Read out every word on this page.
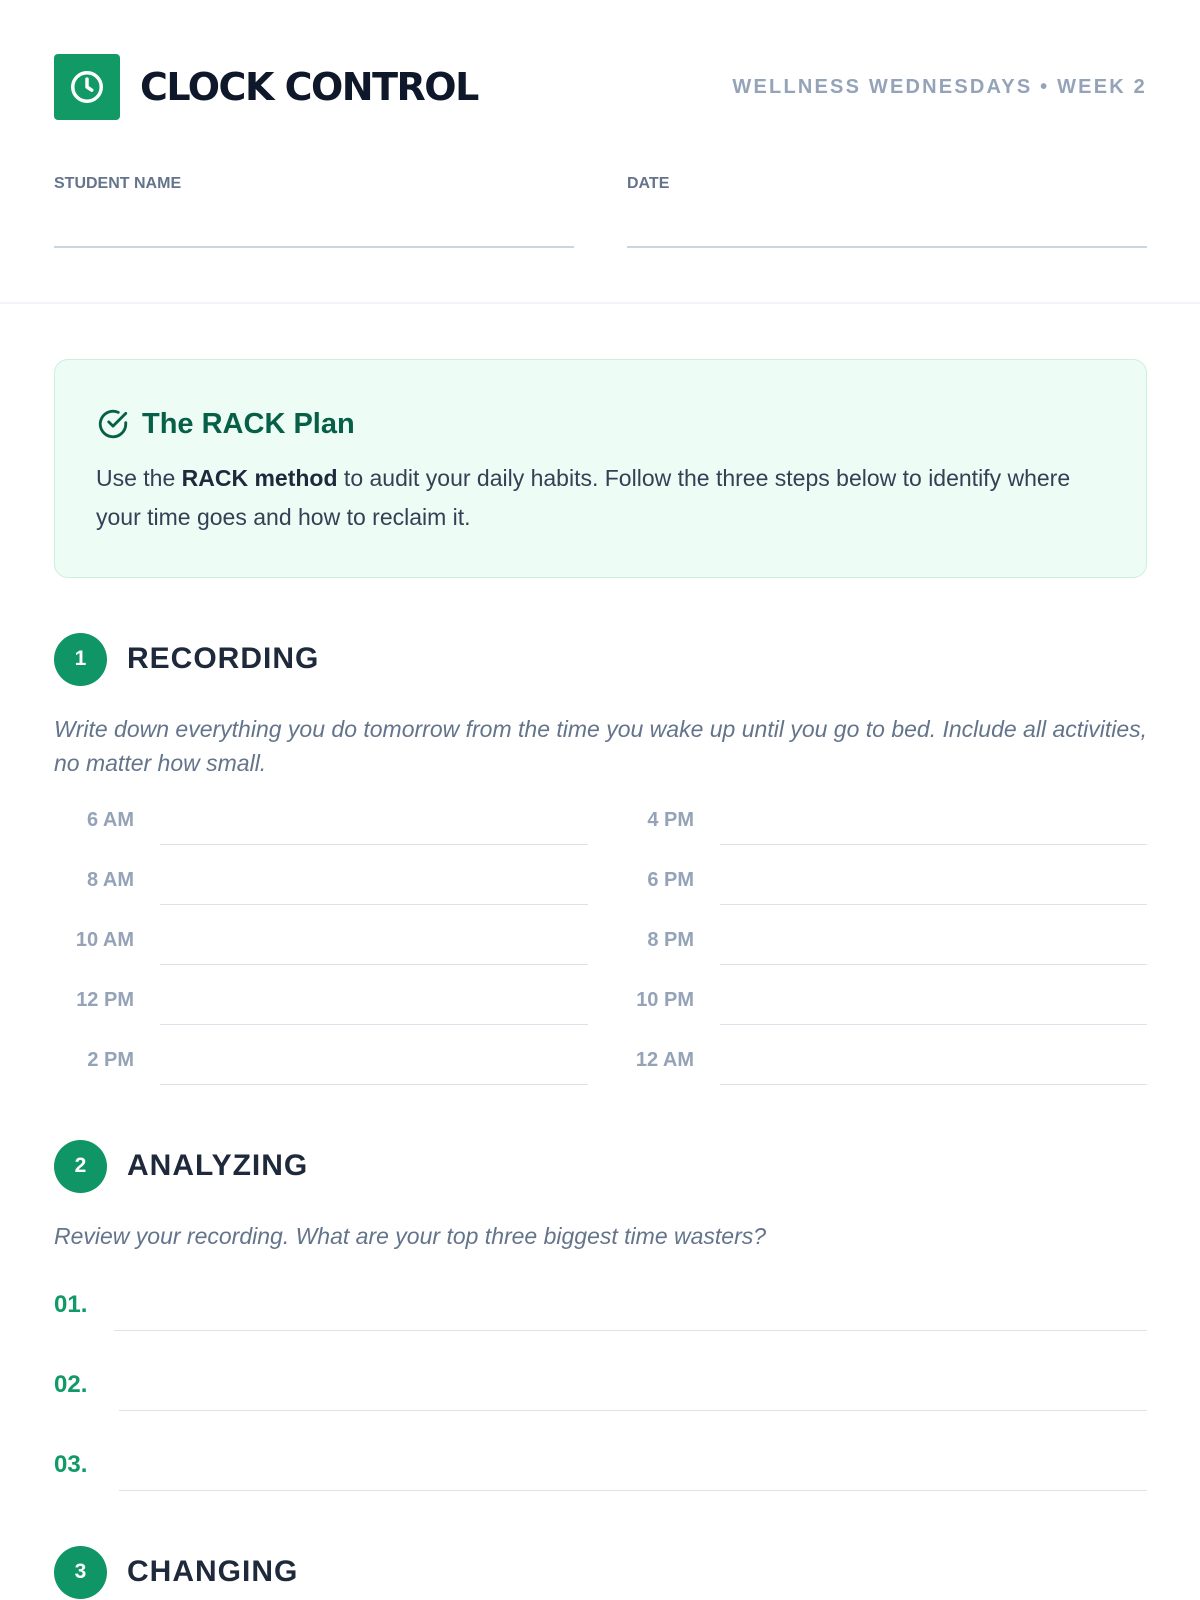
CLOCK CONTROL	WELLNESS WEDNESDAYS • WEEK 2
STUDENT NAME	DATE
The RACK Plan
Use the RACK method to audit your daily habits. Follow the three steps below to identify where your time goes and how to reclaim it.
1	RECORDING
Write down everything you do tomorrow from the time you wake up until you go to bed. Include all activities, no matter how small.
6 AM
8 AM
10 AM
12 PM
2 PM
4 PM
6 PM
8 PM
10 PM
12 AM
2	ANALYZING
Review your recording. What are your top three biggest time wasters?
01.
02.
03.
3	CHANGING
